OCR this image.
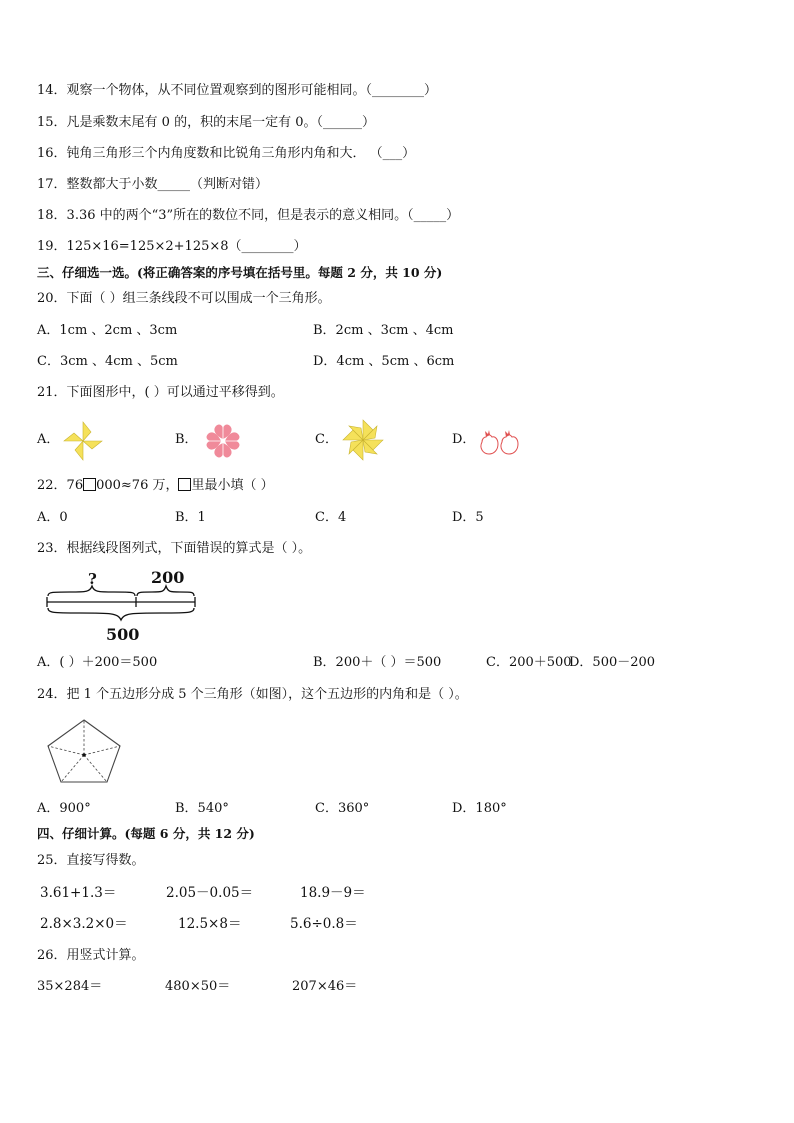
14．观察一个物体，从不同位置观察到的图形可能相同。（________）
15．凡是乘数末尾有 0 的，积的末尾一定有 0。（______）
16．钝角三角形三个内角度数和比锐角三角形内角和大． （___）
17．整数都大于小数_____（判断对错）
18．3.36 中的两个“3”所在的数位不同，但是表示的意义相同。（_____）
19．125×16=125×2+125×8（________）
三、仔细选一选。(将正确答案的序号填在括号里。每题 2 分，共 10 分)
20．下面（ ）组三条线段不可以围成一个三角形。
A．1cm 、2cm 、3cm	B．2cm 、3cm 、4cm
C．3cm 、4cm 、5cm	D．4cm 、5cm 、6cm
21．下面图形中，( ）可以通过平移得到。
A．	B．	C．	D．
22．76 000≈76 万， 里最小填（ ）
A．0	B．1	C．4	D．5
23．根据线段图列式，下面错误的算式是（ ）。
?	200
500
A．( ）＋200＝500	B．200＋（ ）＝500	C．200＋500
D．500－200
24．把 1 个五边形分成 5 个三角形（如图），这个五边形的内角和是（ ）。
A．900°	B．540°	C．360°	D．180°
四、仔细计算。(每题 6 分，共 12 分)
25．直接写得数。
3.61+1.3＝	2.05－0.05＝	18.9－9＝
2.8×3.2×0＝	12.5×8＝	5.6÷0.8＝
26．用竖式计算。
35×284＝	480×50＝	207×46＝
